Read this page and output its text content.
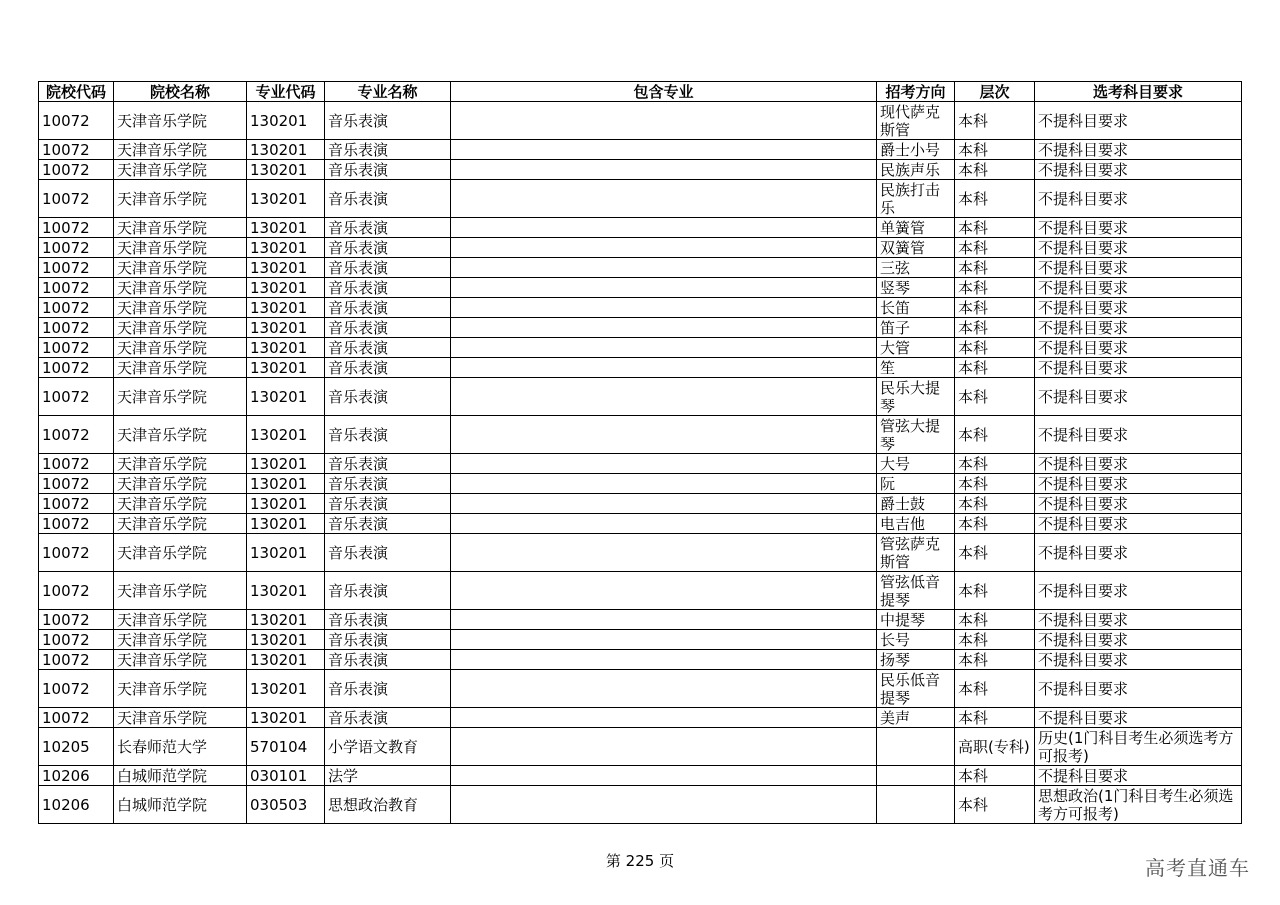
院校代码	院校名称	专业代码	专业名称	包含专业	招考方向	层次	选考科目要求
10072	天津音乐学院	130201	音乐表演		现代萨克斯管	本科	不提科目要求
10072	天津音乐学院	130201	音乐表演		爵士小号	本科	不提科目要求
10072	天津音乐学院	130201	音乐表演		民族声乐	本科	不提科目要求
10072	天津音乐学院	130201	音乐表演		民族打击乐	本科	不提科目要求
10072	天津音乐学院	130201	音乐表演		单簧管	本科	不提科目要求
10072	天津音乐学院	130201	音乐表演		双簧管	本科	不提科目要求
10072	天津音乐学院	130201	音乐表演		三弦	本科	不提科目要求
10072	天津音乐学院	130201	音乐表演		竖琴	本科	不提科目要求
10072	天津音乐学院	130201	音乐表演		长笛	本科	不提科目要求
10072	天津音乐学院	130201	音乐表演		笛子	本科	不提科目要求
10072	天津音乐学院	130201	音乐表演		大管	本科	不提科目要求
10072	天津音乐学院	130201	音乐表演		笙	本科	不提科目要求
10072	天津音乐学院	130201	音乐表演		民乐大提琴	本科	不提科目要求
10072	天津音乐学院	130201	音乐表演		管弦大提琴	本科	不提科目要求
10072	天津音乐学院	130201	音乐表演		大号	本科	不提科目要求
10072	天津音乐学院	130201	音乐表演		阮	本科	不提科目要求
10072	天津音乐学院	130201	音乐表演		爵士鼓	本科	不提科目要求
10072	天津音乐学院	130201	音乐表演		电吉他	本科	不提科目要求
10072	天津音乐学院	130201	音乐表演		管弦萨克斯管	本科	不提科目要求
10072	天津音乐学院	130201	音乐表演		管弦低音提琴	本科	不提科目要求
10072	天津音乐学院	130201	音乐表演		中提琴	本科	不提科目要求
10072	天津音乐学院	130201	音乐表演		长号	本科	不提科目要求
10072	天津音乐学院	130201	音乐表演		扬琴	本科	不提科目要求
10072	天津音乐学院	130201	音乐表演		民乐低音提琴	本科	不提科目要求
10072	天津音乐学院	130201	音乐表演		美声	本科	不提科目要求
10205	长春师范大学	570104	小学语文教育			高职(专科)	历史(1门科目考生必须选考方可报考)
10206	白城师范学院	030101	法学			本科	不提科目要求
10206	白城师范学院	030503	思想政治教育			本科	思想政治(1门科目考生必须选考方可报考)
第 225 页	高考直通车
